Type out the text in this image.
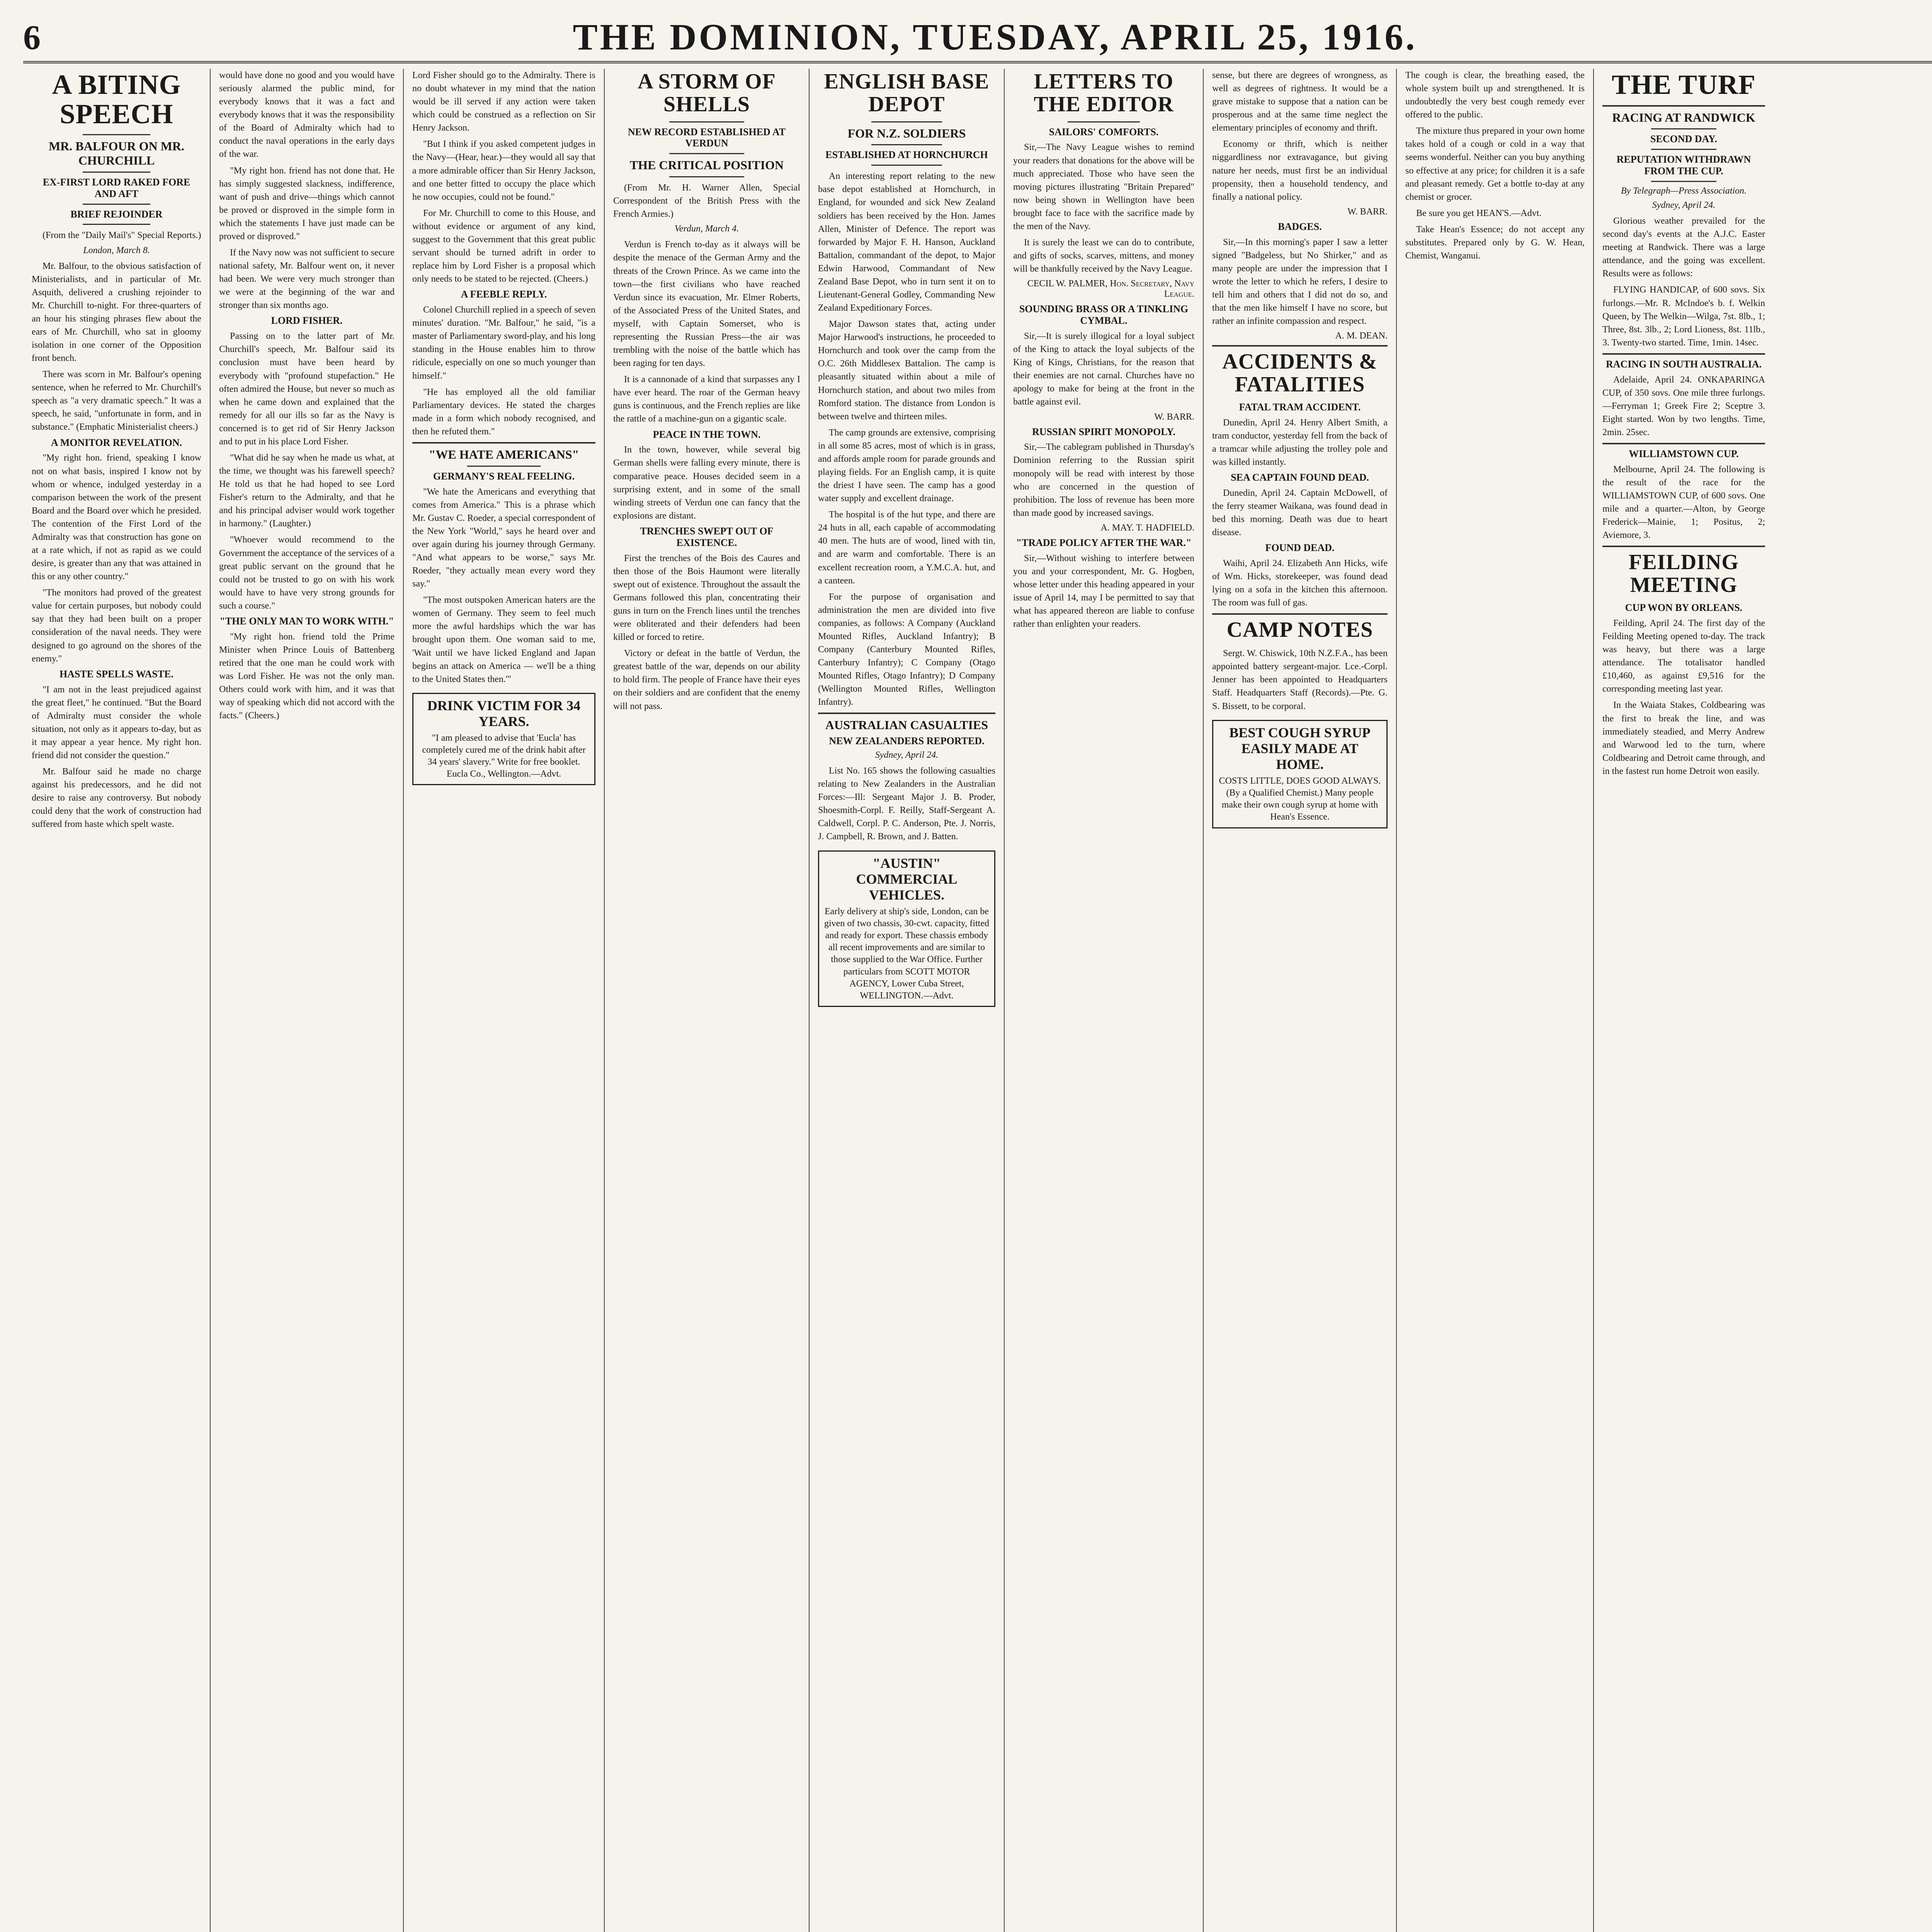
6	THE DOMINION, TUESDAY, APRIL 25, 1916.
A BITING SPEECH
MR. BALFOUR ON MR. CHURCHILL
EX-FIRST LORD RAKED FORE AND AFT
BRIEF REJOINDER

(From the "Daily Mail's" Special Reports.)

London, March 8.

Mr. Balfour, to the obvious satisfaction of Ministerialists, and in particular of Mr. Asquith, delivered a crushing rejoinder to Mr. Churchill to-night. For three-quarters of an hour his stinging phrases flew about the ears of Mr. Churchill, who sat in gloomy isolation in one corner of the Opposition front bench.

There was scorn in Mr. Balfour's opening sentence, when he referred to Mr. Churchill's speech as "a very dramatic speech." It was a speech, he said, "unfortunate in form, and in substance." (Emphatic Ministerialist cheers.)

A MONITOR REVELATION.

"My right hon. friend, speaking I know not on what basis, inspired I know not by whom or whence, indulged yesterday in a comparison between the work of the present Board and the Board over which he presided. The contention of the First Lord of the Admiralty was that construction has gone on at a rate which, if not as rapid as we could desire, is greater than any that was attained in this or any other country."

"The monitors had proved of the greatest value for certain purposes, but nobody could say that they had been built on a proper consideration of the naval needs. They were designed to go aground on the shores of the enemy."

HASTE SPELLS WASTE.

"I am not in the least prejudiced against the great fleet," he continued. "But the Board of Admiralty must consider the whole situation, not only as it appears to-day, but as it may appear a year hence. My right hon. friend did not consider the question."

Mr. Balfour said he made no charge against his predecessors, and he did not desire to raise any controversy. But nobody could deny that the work of construction had suffered from haste which spelt waste.

would have done no good and you would have seriously alarmed the public mind, for everybody knows that it was a fact and everybody knows that it was the responsibility of the Board of Admiralty which had to conduct the naval operations in the early days of the war.

"My right hon. friend has not done that. He has simply suggested slackness, indifference, want of push and drive—things which cannot be proved or disproved in the simple form in which the statements I have just made can be proved or disproved."

If the Navy now was not sufficient to secure national safety, Mr. Balfour went on, it never had been. We were very much stronger than we were at the beginning of the war and stronger than six months ago.

LORD FISHER.

Passing on to the latter part of Mr. Churchill's speech, Mr. Balfour said its conclusion must have been heard by everybody with "profound stupefaction." He often admired the House, but never so much as when he came down and explained that the remedy for all our ills so far as the Navy is concerned is to get rid of Sir Henry Jackson and to put in his place Lord Fisher.

"What did he say when he made us what, at the time, we thought was his farewell speech? He told us that he had hoped to see Lord Fisher's return to the Admiralty, and that he and his principal adviser would work together in harmony." (Laughter.)

"Whoever would recommend to the Government the acceptance of the services of a great public servant on the ground that he could not be trusted to go on with his work would have to have very strong grounds for such a course."

"THE ONLY MAN TO WORK WITH."

"My right hon. friend told the Prime Minister when Prince Louis of Battenberg retired that the one man he could work with was Lord Fisher. He was not the only man. Others could work with him, and it was that way of speaking which did not accord with the facts." (Cheers.)

Lord Fisher should go to the Admiralty. There is no doubt whatever in my mind that the nation would be ill served if any action were taken which could be construed as a reflection on Sir Henry Jackson.

"But I think if you asked competent judges in the Navy—(Hear, hear.)—they would all say that a more admirable officer than Sir Henry Jackson, and one better fitted to occupy the place which he now occupies, could not be found."

For Mr. Churchill to come to this House, and without evidence or argument of any kind, suggest to the Government that this great public servant should be turned adrift in order to replace him by Lord Fisher is a proposal which only needs to be stated to be rejected. (Cheers.)

A FEEBLE REPLY.

Colonel Churchill replied in a speech of seven minutes' duration. "Mr. Balfour," he said, "is a master of Parliamentary sword-play, and his long standing in the House enables him to throw ridicule, especially on one so much younger than himself."

"He has employed all the old familiar Parliamentary devices. He stated the charges made in a form which nobody recognised, and then he refuted them."

"WE HATE AMERICANS"
GERMANY'S REAL FEELING.

"We hate the Americans and everything that comes from America." This is a phrase which Mr. Gustav C. Roeder, a special correspondent of the New York "World," says he heard over and over again during his journey through Germany. "And what appears to be worse," says Mr. Roeder, "they actually mean every word they say."

"The most outspoken American haters are the women of Germany. They seem to feel much more the awful hardships which the war has brought upon them. One woman said to me, 'Wait until we have licked England and Japan begins an attack on America — we'll be a thing to the United States then.'"

DRINK VICTIM FOR 34 YEARS.
"I am pleased to advise that 'Eucla' has completely cured me of the drink habit after 34 years' slavery." Write for free booklet. Eucla Co., Wellington.—Advt.
A STORM OF SHELLS
NEW RECORD ESTABLISHED AT VERDUN
THE CRITICAL POSITION

(From Mr. H. Warner Allen, Special Correspondent of the British Press with the French Armies.)

Verdun, March 4.

Verdun is French to-day as it always will be despite the menace of the German Army and the threats of the Crown Prince. As we came into the town—the first civilians who have reached Verdun since its evacuation, Mr. Elmer Roberts, of the Associated Press of the United States, and myself, with Captain Somerset, who is representing the Russian Press—the air was trembling with the noise of the battle which has been raging for ten days.

It is a cannonade of a kind that surpasses any I have ever heard. The roar of the German heavy guns is continuous, and the French replies are like the rattle of a machine-gun on a gigantic scale.

PEACE IN THE TOWN.

In the town, however, while several big German shells were falling every minute, there is comparative peace. Houses decided seem in a surprising extent, and in some of the small winding streets of Verdun one can fancy that the explosions are distant.

TRENCHES SWEPT OUT OF EXISTENCE.

First the trenches of the Bois des Caures and then those of the Bois Haumont were literally swept out of existence. Throughout the assault the Germans followed this plan, concentrating their guns in turn on the French lines until the trenches were obliterated and their defenders had been killed or forced to retire.

Victory or defeat in the battle of Verdun, the greatest battle of the war, depends on our ability to hold firm. The people of France have their eyes on their soldiers and are confident that the enemy will not pass.

ENGLISH BASE DEPOT
FOR N.Z. SOLDIERS
ESTABLISHED AT HORNCHURCH

An interesting report relating to the new base depot established at Hornchurch, in England, for wounded and sick New Zealand soldiers has been received by the Hon. James Allen, Minister of Defence. The report was forwarded by Major F. H. Hanson, Auckland Battalion, commandant of the depot, to Major Edwin Harwood, Commandant of New Zealand Base Depot, who in turn sent it on to Lieutenant-General Godley, Commanding New Zealand Expeditionary Forces.

Major Dawson states that, acting under Major Harwood's instructions, he proceeded to Hornchurch and took over the camp from the O.C. 26th Middlesex Battalion. The camp is pleasantly situated within about a mile of Hornchurch station, and about two miles from Romford station. The distance from London is between twelve and thirteen miles.

The camp grounds are extensive, comprising in all some 85 acres, most of which is in grass, and affords ample room for parade grounds and playing fields. For an English camp, it is quite the driest I have seen. The camp has a good water supply and excellent drainage.

The hospital is of the hut type, and there are 24 huts in all, each capable of accommodating 40 men. The huts are of wood, lined with tin, and are warm and comfortable. There is an excellent recreation room, a Y.M.C.A. hut, and a canteen.

For the purpose of organisation and administration the men are divided into five companies, as follows: A Company (Auckland Mounted Rifles, Auckland Infantry); B Company (Canterbury Mounted Rifles, Canterbury Infantry); C Company (Otago Mounted Rifles, Otago Infantry); D Company (Wellington Mounted Rifles, Wellington Infantry).

AUSTRALIAN CASUALTIES
NEW ZEALANDERS REPORTED.
Sydney, April 24.

List No. 165 shows the following casualties relating to New Zealanders in the Australian Forces:—Ill: Sergeant Major J. B. Proder, Shoesmith-Corpl. F. Reilly, Staff-Sergeant A. Caldwell, Corpl. P. C. Anderson, Pte. J. Norris, J. Campbell, R. Brown, and J. Batten.

"AUSTIN" COMMERCIAL VEHICLES.
Early delivery at ship's side, London, can be given of two chassis, 30-cwt. capacity, fitted and ready for export. These chassis embody all recent improvements and are similar to those supplied to the War Office. Further particulars from SCOTT MOTOR AGENCY, Lower Cuba Street, WELLINGTON.—Advt.
LETTERS TO THE EDITOR
SAILORS' COMFORTS.

Sir,—The Navy League wishes to remind your readers that donations for the above will be much appreciated. Those who have seen the moving pictures illustrating "Britain Prepared" now being shown in Wellington have been brought face to face with the sacrifice made by the men of the Navy.

It is surely the least we can do to contribute, and gifts of socks, scarves, mittens, and money will be thankfully received by the Navy League.

CECIL W. PALMER, Hon. Secretary, Navy League.
SOUNDING BRASS OR A TINKLING CYMBAL.

Sir,—It is surely illogical for a loyal subject of the King to attack the loyal subjects of the King of Kings, Christians, for the reason that their enemies are not carnal. Churches have no apology to make for being at the front in the battle against evil.

W. BARR.
RUSSIAN SPIRIT MONOPOLY.

Sir,—The cablegram published in Thursday's Dominion referring to the Russian spirit monopoly will be read with interest by those who are concerned in the question of prohibition. The loss of revenue has been more than made good by increased savings.

A. MAY. T. HADFIELD.
"TRADE POLICY AFTER THE WAR."

Sir,—Without wishing to interfere between you and your correspondent, Mr. G. Hogben, whose letter under this heading appeared in your issue of April 14, may I be permitted to say that what has appeared thereon are liable to confuse rather than enlighten your readers.

sense, but there are degrees of wrongness, as well as degrees of rightness. It would be a grave mistake to suppose that a nation can be prosperous and at the same time neglect the elementary principles of economy and thrift.

Economy or thrift, which is neither niggardliness nor extravagance, but giving nature her needs, must first be an individual propensity, then a household tendency, and finally a national policy.

W. BARR.
BADGES.

Sir,—In this morning's paper I saw a letter signed "Badgeless, but No Shirker," and as many people are under the impression that I wrote the letter to which he refers, I desire to tell him and others that I did not do so, and that the men like himself I have no score, but rather an infinite compassion and respect.

A. M. DEAN.
ACCIDENTS & FATALITIES
FATAL TRAM ACCIDENT.

Dunedin, April 24. Henry Albert Smith, a tram conductor, yesterday fell from the back of a tramcar while adjusting the trolley pole and was killed instantly.

SEA CAPTAIN FOUND DEAD.

Dunedin, April 24. Captain McDowell, of the ferry steamer Waikana, was found dead in bed this morning. Death was due to heart disease.

FOUND DEAD.

Waihi, April 24. Elizabeth Ann Hicks, wife of Wm. Hicks, storekeeper, was found dead lying on a sofa in the kitchen this afternoon. The room was full of gas.

CAMP NOTES

Sergt. W. Chiswick, 10th N.Z.F.A., has been appointed battery sergeant-major. Lce.-Corpl. Jenner has been appointed to Headquarters Staff. Headquarters Staff (Records).—Pte. G. S. Bissett, to be corporal.

BEST COUGH SYRUP EASILY MADE AT HOME.
COSTS LITTLE, DOES GOOD ALWAYS. (By a Qualified Chemist.) Many people make their own cough syrup at home with Hean's Essence.

The cough is clear, the breathing eased, the whole system built up and strengthened. It is undoubtedly the very best cough remedy ever offered to the public.

The mixture thus prepared in your own home takes hold of a cough or cold in a way that seems wonderful. Neither can you buy anything so effective at any price; for children it is a safe and pleasant remedy. Get a bottle to-day at any chemist or grocer.

Be sure you get HEAN'S.—Advt.

Take Hean's Essence; do not accept any substitutes. Prepared only by G. W. Hean, Chemist, Wanganui.

THE TURF
RACING AT RANDWICK
SECOND DAY.
REPUTATION WITHDRAWN FROM THE CUP.
By Telegraph—Press Association.
Sydney, April 24.

Glorious weather prevailed for the second day's events at the A.J.C. Easter meeting at Randwick. There was a large attendance, and the going was excellent. Results were as follows:

FLYING HANDICAP, of 600 sovs. Six furlongs.—Mr. R. McIndoe's b. f. Welkin Queen, by The Welkin—Wilga, 7st. 8lb., 1; Three, 8st. 3lb., 2; Lord Lioness, 8st. 11lb., 3. Twenty-two started. Time, 1min. 14sec.

RACING IN SOUTH AUSTRALIA.

Adelaide, April 24. ONKAPARINGA CUP, of 350 sovs. One mile three furlongs.—Ferryman 1; Greek Fire 2; Sceptre 3. Eight started. Won by two lengths. Time, 2min. 25sec.

WILLIAMSTOWN CUP.

Melbourne, April 24. The following is the result of the race for the WILLIAMSTOWN CUP, of 600 sovs. One mile and a quarter.—Alton, by George Frederick—Mainie, 1; Positus, 2; Aviemore, 3.

FEILDING MEETING
CUP WON BY ORLEANS.

Feilding, April 24. The first day of the Feilding Meeting opened to-day. The track was heavy, but there was a large attendance. The totalisator handled £10,460, as against £9,516 for the corresponding meeting last year.

In the Waiata Stakes, Coldbearing was the first to break the line, and was immediately steadied, and Merry Andrew and Warwood led to the turn, where Coldbearing and Detroit came through, and in the fastest run home Detroit won easily.
